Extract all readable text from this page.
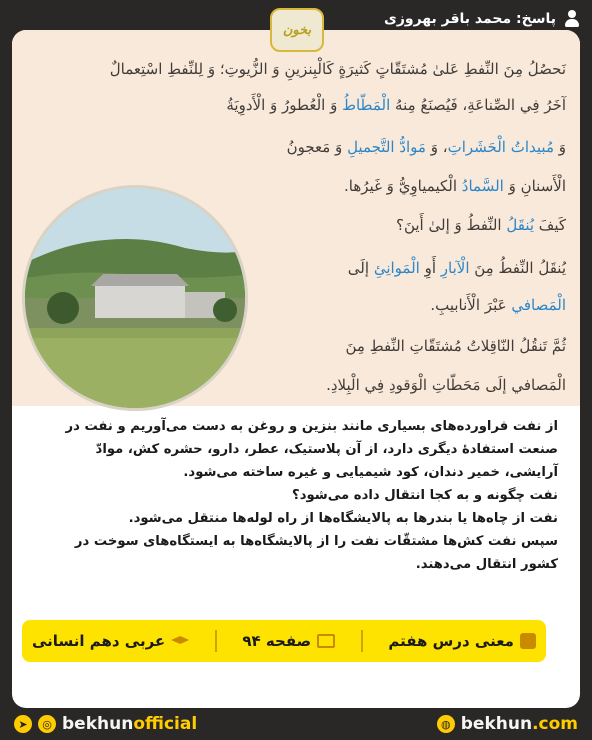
پاسخ: محمد باقر بهروزی
بخون
نَحصُلُ مِنَ النِّفطِ عَلىٰ مُشتَقّاتٍ كَثيرَةٍ كَالْبِنزينِ وَ الزُّيوتِ؛ وَ لِلنِّفطِ اسْتِعمالٌ
آخَرُ فِي الصِّناعَةِ، فَيُصنَعُ مِنهُ الْمَطّاطُ وَ الْعُطورُ وَ الْأَدوِيَةُ
وَ مُبيداتُ الْحَشَراتِ، وَ مَوادُّ التَّجميلِ وَ مَعجونُ
الْأَسنانِ وَ السَّمادُ الْكيمياوِيُّ وَ غَيرُها.
كَيفَ يُنقَلُ النِّفطُ وَ إلىٰ أَينَ؟
يُنقَلُ النِّفطُ مِنَ الْآبارِ أَوِ الْمَوانِئِ إلَى
الْمَصافي عَبْرَ الْأَنابيبِ.
ثُمَّ تَنقُلُ النّاقِلاتُ مُشتَقّاتِ النِّفطِ مِنَ
الْمَصافي إلَى مَحَطّاتِ الْوَقودِ فِي الْبِلادِ.
از نفت فراورده‌های بسیاری مانند بنزین و روغن به دست می‌آوریم و نفت در
صنعت استفادهٔ دیگری دارد، از آن پلاستیک، عطر، دارو، حشره کش، موادّ
آرایشی، خمیر دندان، کود شیمیایی و غیره ساخته می‌شود.
نفت چگونه و به کجا انتقال داده می‌شود؟
نفت از چاه‌ها یا بندرها به پالایشگاه‌ها از راه لوله‌ها منتقل می‌شود.
سپس نفت کش‌ها مشتقّات نفت را از پالایشگاه‌ها به ایستگاه‌های سوخت در
کشور انتقال می‌دهند.
عربی دهم انسانی	صفحه ۹۴	معنی درس هفتم
➤	◎ bekhunofficial	◍ bekhun.com
